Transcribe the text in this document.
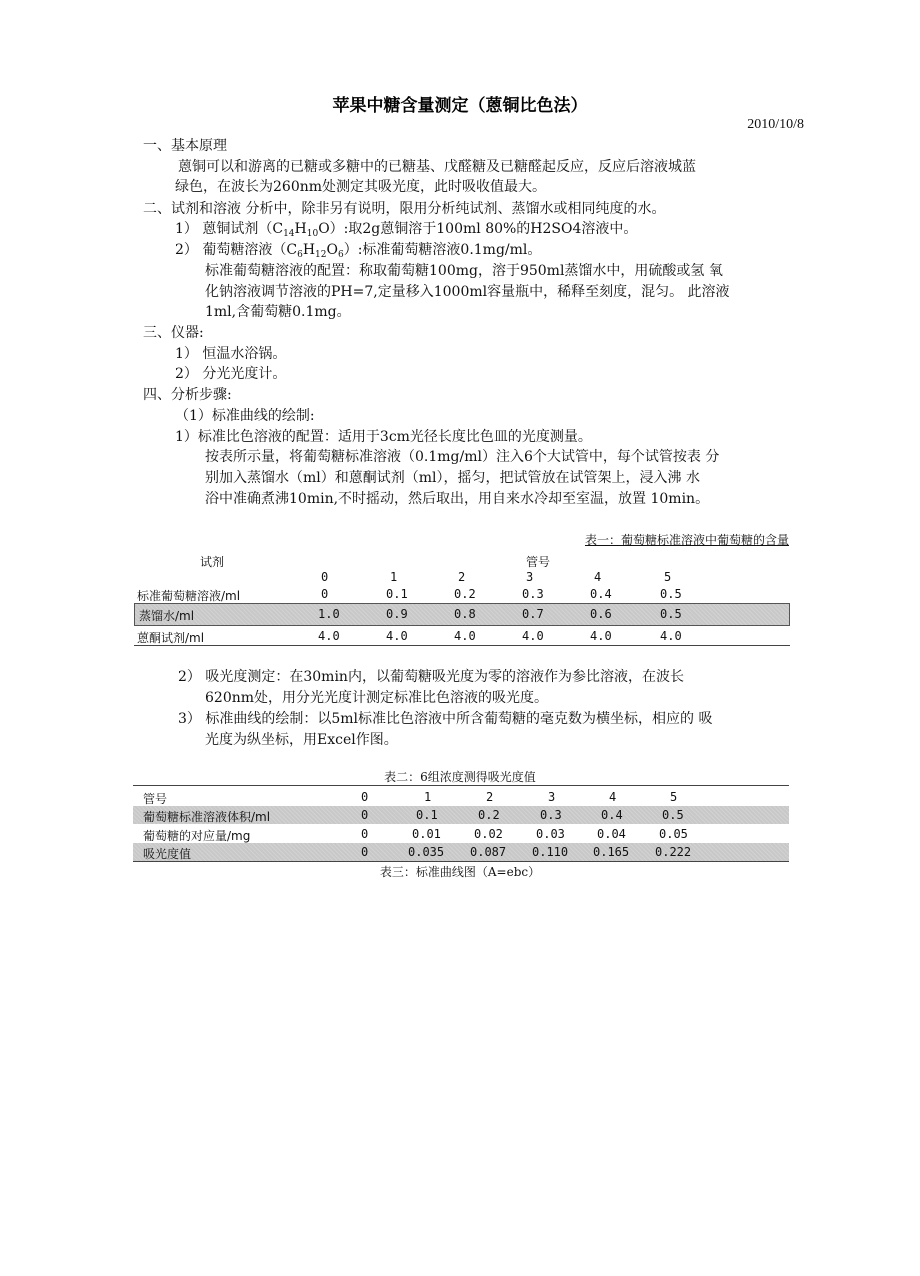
苹果中糖含量测定（蒽铜比色法）
2010/10/8
一、基本原理
蒽铜可以和游离的已糖或多糖中的已糖基、戊醛糖及已糖醛起反应，反应后溶液城蓝
绿色，在波长为260nm处测定其吸光度，此时吸收值最大。
二、试剂和溶液 分析中，除非另有说明，限用分析纯试剂、蒸馏水或相同纯度的水。
1） 蒽铜试剂$(C_{14}H_{10}O)$:取2g蒽铜溶于100ml 80%的H2SO4溶液中。
2） 葡萄糖溶液$(C_6H_{12}O_6)$:标准葡萄糖溶液0.1mg/ml。
标准葡萄糖溶液的配置：称取葡萄糖100mg，溶于950ml蒸馏水中，用硫酸或氢 氧
化钠溶液调节溶液的PH=7,定量移入1000ml容量瓶中，稀释至刻度，混匀。 此溶液
1ml,含葡萄糖0.1mg。
三、仪器:
1） 恒温水浴锅。
2） 分光光度计。
四、分析步骤:
（1）标准曲线的绘制:
1）标准比色溶液的配置：适用于3cm光径长度比色皿的光度测量。
按表所示量，将葡萄糖标准溶液（0.1mg/ml）注入6个大试管中，每个试管按表 分
别加入蒸馏水（ml）和蒽酮试剂（ml），摇匀，把试管放在试管架上，浸入沸 水
浴中准确煮沸10min,不时摇动，然后取出，用自来水冷却至室温，放置 10min。
表一：葡萄糖标准溶液中葡萄糖的含量
试剂	管号
0	1	2	3	4	5
标准葡萄糖溶液/ml	0	0.1	0.2	0.3	0.4	0.5
蒸馏水/ml	1.0	0.9	0.8	0.7	0.6	0.5
蒽酮试剂/ml	4.0	4.0	4.0	4.0	4.0	4.0
2） 吸光度测定：在30min内，以葡萄糖吸光度为零的溶液作为参比溶液，在波长
620nm处，用分光光度计测定标准比色溶液的吸光度。
3） 标准曲线的绘制：以5ml标准比色溶液中所含葡萄糖的毫克数为横坐标，相应的 吸
光度为纵坐标，用Excel作图。
表二：6组浓度测得吸光度值
管号	0	1	2	3	4	5
葡萄糖标准溶液体积/ml	0	0.1	0.2	0.3	0.4	0.5
葡萄糖的对应量/mg	0	0.01	0.02	0.03	0.04	0.05
吸光度值	0	0.035 0.087 0.110 0.165 0.222
表三：标准曲线图（A=ebc）
